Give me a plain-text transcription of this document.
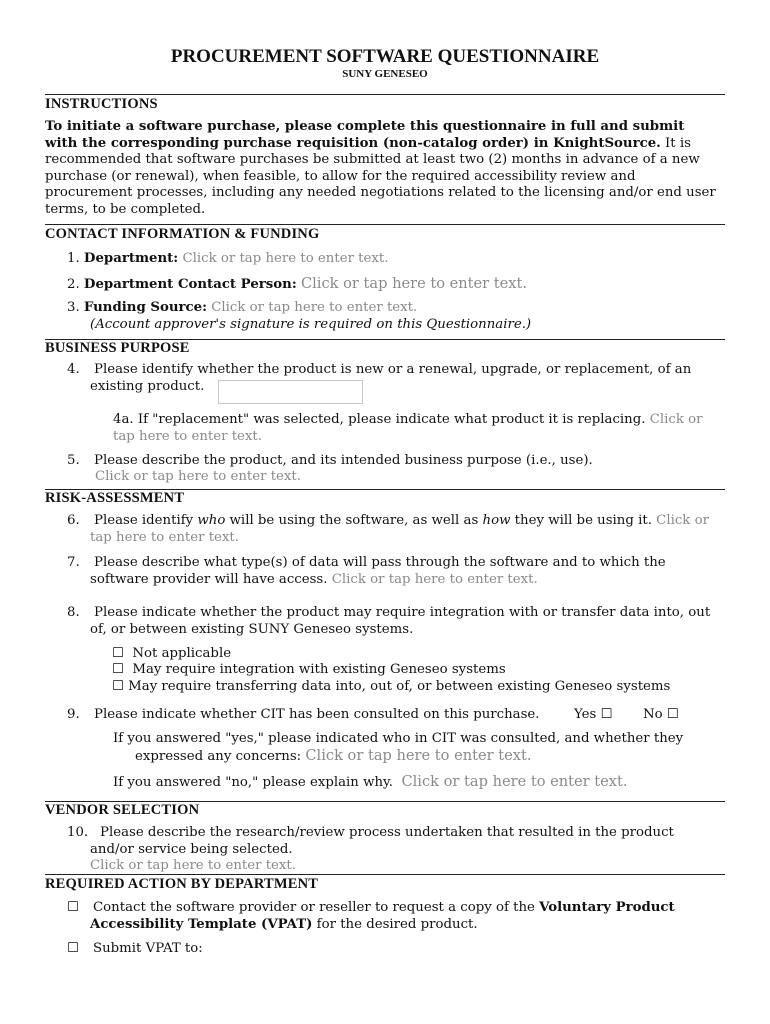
PROCUREMENT SOFTWARE QUESTIONNAIRE
SUNY GENESEO
INSTRUCTIONS
To initiate a software purchase, please complete this questionnaire in full and submit with the corresponding purchase requisition (non-catalog order) in KnightSource. It is recommended that software purchases be submitted at least two (2) months in advance of a new purchase (or renewal), when feasible, to allow for the required accessibility review and procurement processes, including any needed negotiations related to the licensing and/or end user terms, to be completed.
CONTACT INFORMATION & FUNDING
1. Department: Click or tap here to enter text.
2. Department Contact Person: Click or tap here to enter text.
3. Funding Source: Click or tap here to enter text.
(Account approver's signature is required on this Questionnaire.)
BUSINESS PURPOSE
4.	Please identify whether the product is new or a renewal, upgrade, or replacement, of an existing product.
4a. If "replacement" was selected, please indicate what product it is replacing. Click or tap here to enter text.
5.	Please describe the product, and its intended business purpose (i.e., use).
Click or tap here to enter text.
RISK-ASSESSMENT
6.	Please identify who will be using the software, as well as how they will be using it. Click or tap here to enter text.
7.	Please describe what type(s) of data will pass through the software and to which the software provider will have access. Click or tap here to enter text.
8.	Please indicate whether the product may require integration with or transfer data into, out of, or between existing SUNY Geneseo systems.
☐ Not applicable
☐ May require integration with existing Geneseo systems
☐ May require transferring data into, out of, or between existing Geneseo systems
9.	Please indicate whether CIT has been consulted on this purchase.	Yes ☐ No ☐
If you answered "yes," please indicated who in CIT was consulted, and whether they expressed any concerns: Click or tap here to enter text.
If you answered "no," please explain why. Click or tap here to enter text.
VENDOR SELECTION
10. Please describe the research/review process undertaken that resulted in the product and/or service being selected.
Click or tap here to enter text.
REQUIRED ACTION BY DEPARTMENT
☐ Contact the software provider or reseller to request a copy of the Voluntary Product Accessibility Template (VPAT) for the desired product.
☐ Submit VPAT to:
